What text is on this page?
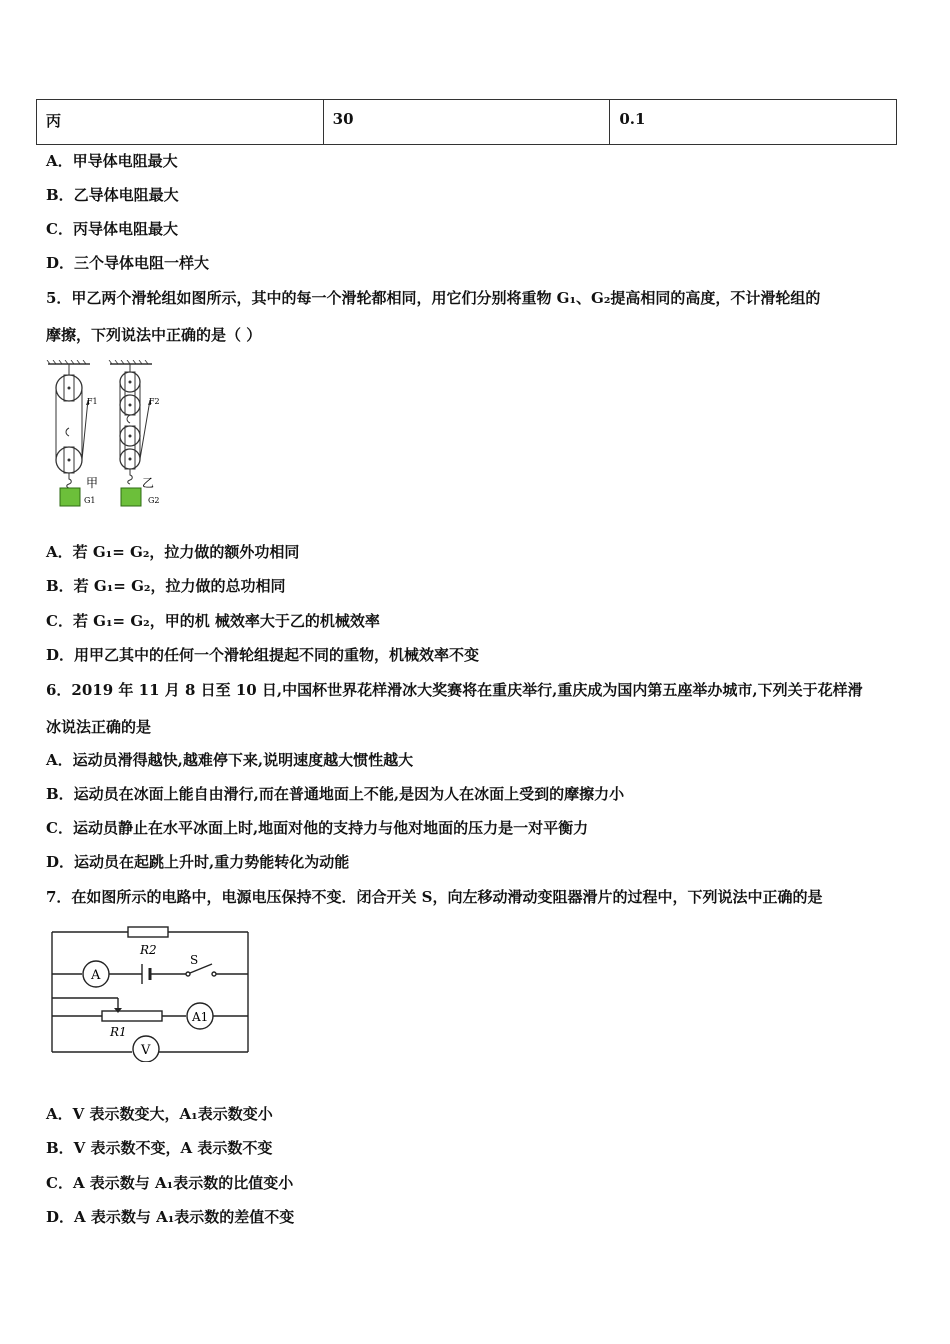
丙	30	0.1
A．甲导体电阻最大
B．乙导体电阻最大
C．丙导体电阻最大
D．三个导体电阻一样大
5．甲乙两个滑轮组如图所示，其中的每一个滑轮都相同，用它们分别将重物 G₁、G₂提高相同的高度，不计滑轮组的
摩擦，下列说法中正确的是（ ）
F1
甲
G1
F2
乙
G2
A．若 G₁= G₂，拉力做的额外功相同
B．若 G₁= G₂，拉力做的总功相同
C．若 G₁= G₂，甲的机 械效率大于乙的机械效率
D．用甲乙其中的任何一个滑轮组提起不同的重物，机械效率不变
6．2019 年 11 月 8 日至 10 日,中国杯世界花样滑冰大奖赛将在重庆举行,重庆成为国内第五座举办城市,下列关于花样滑
冰说法正确的是
A．运动员滑得越快,越难停下来,说明速度越大惯性越大
B．运动员在冰面上能自由滑行,而在普通地面上不能,是因为人在冰面上受到的摩擦力小
C．运动员静止在水平冰面上时,地面对他的支持力与他对地面的压力是一对平衡力
D．运动员在起跳上升时,重力势能转化为动能
7．在如图所示的电路中，电源电压保持不变．闭合开关 S，向左移动滑动变阻器滑片的过程中，下列说法中正确的是
R2
S
A
A1
R1
V
A．V 表示数变大，A₁表示数变小
B．V 表示数不变，A 表示数不变
C．A 表示数与 A₁表示数的比值变小
D．A 表示数与 A₁表示数的差值不变
